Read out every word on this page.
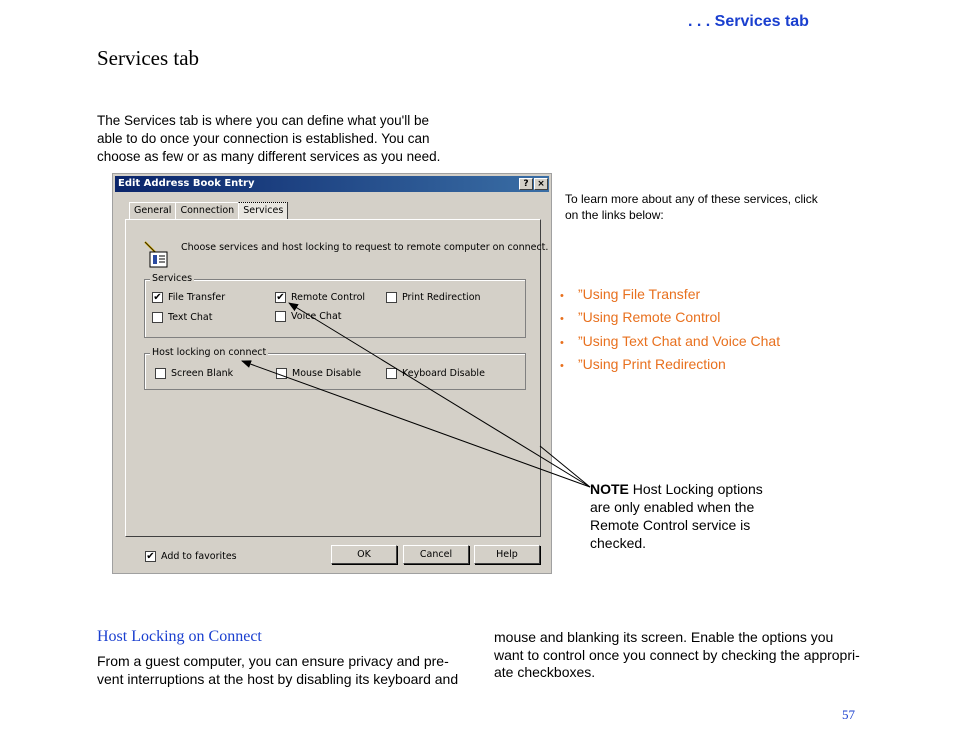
. . . Services tab
Services tab
The Services tab is where you can define what you'll be
able to do once your connection is established. You can
choose as few or as many different services as you need.
Edit Address Book Entry	? ×
General Connection Services
Choose services and host locking to request to remote computer on connect.
Services
✔ File Transfer	✔ Remote Control	Print Redirection
Text Chat	Voice Chat
Host locking on connect
Screen Blank	Mouse Disable	Keyboard Disable
✔ Add to favorites	OK	Cancel	Help
To learn more about any of these services, click
on the links below:
• ”Using File Transfer
• ”Using Remote Control
• ”Using Text Chat and Voice Chat
• ”Using Print Redirection
NOTE Host Locking options
are only enabled when the
Remote Control service is
checked.
Host Locking on Connect
From a guest computer, you can ensure privacy and pre-
vent interruptions at the host by disabling its keyboard and
mouse and blanking its screen. Enable the options you
want to control once you connect by checking the appropri-
ate checkboxes.
57
